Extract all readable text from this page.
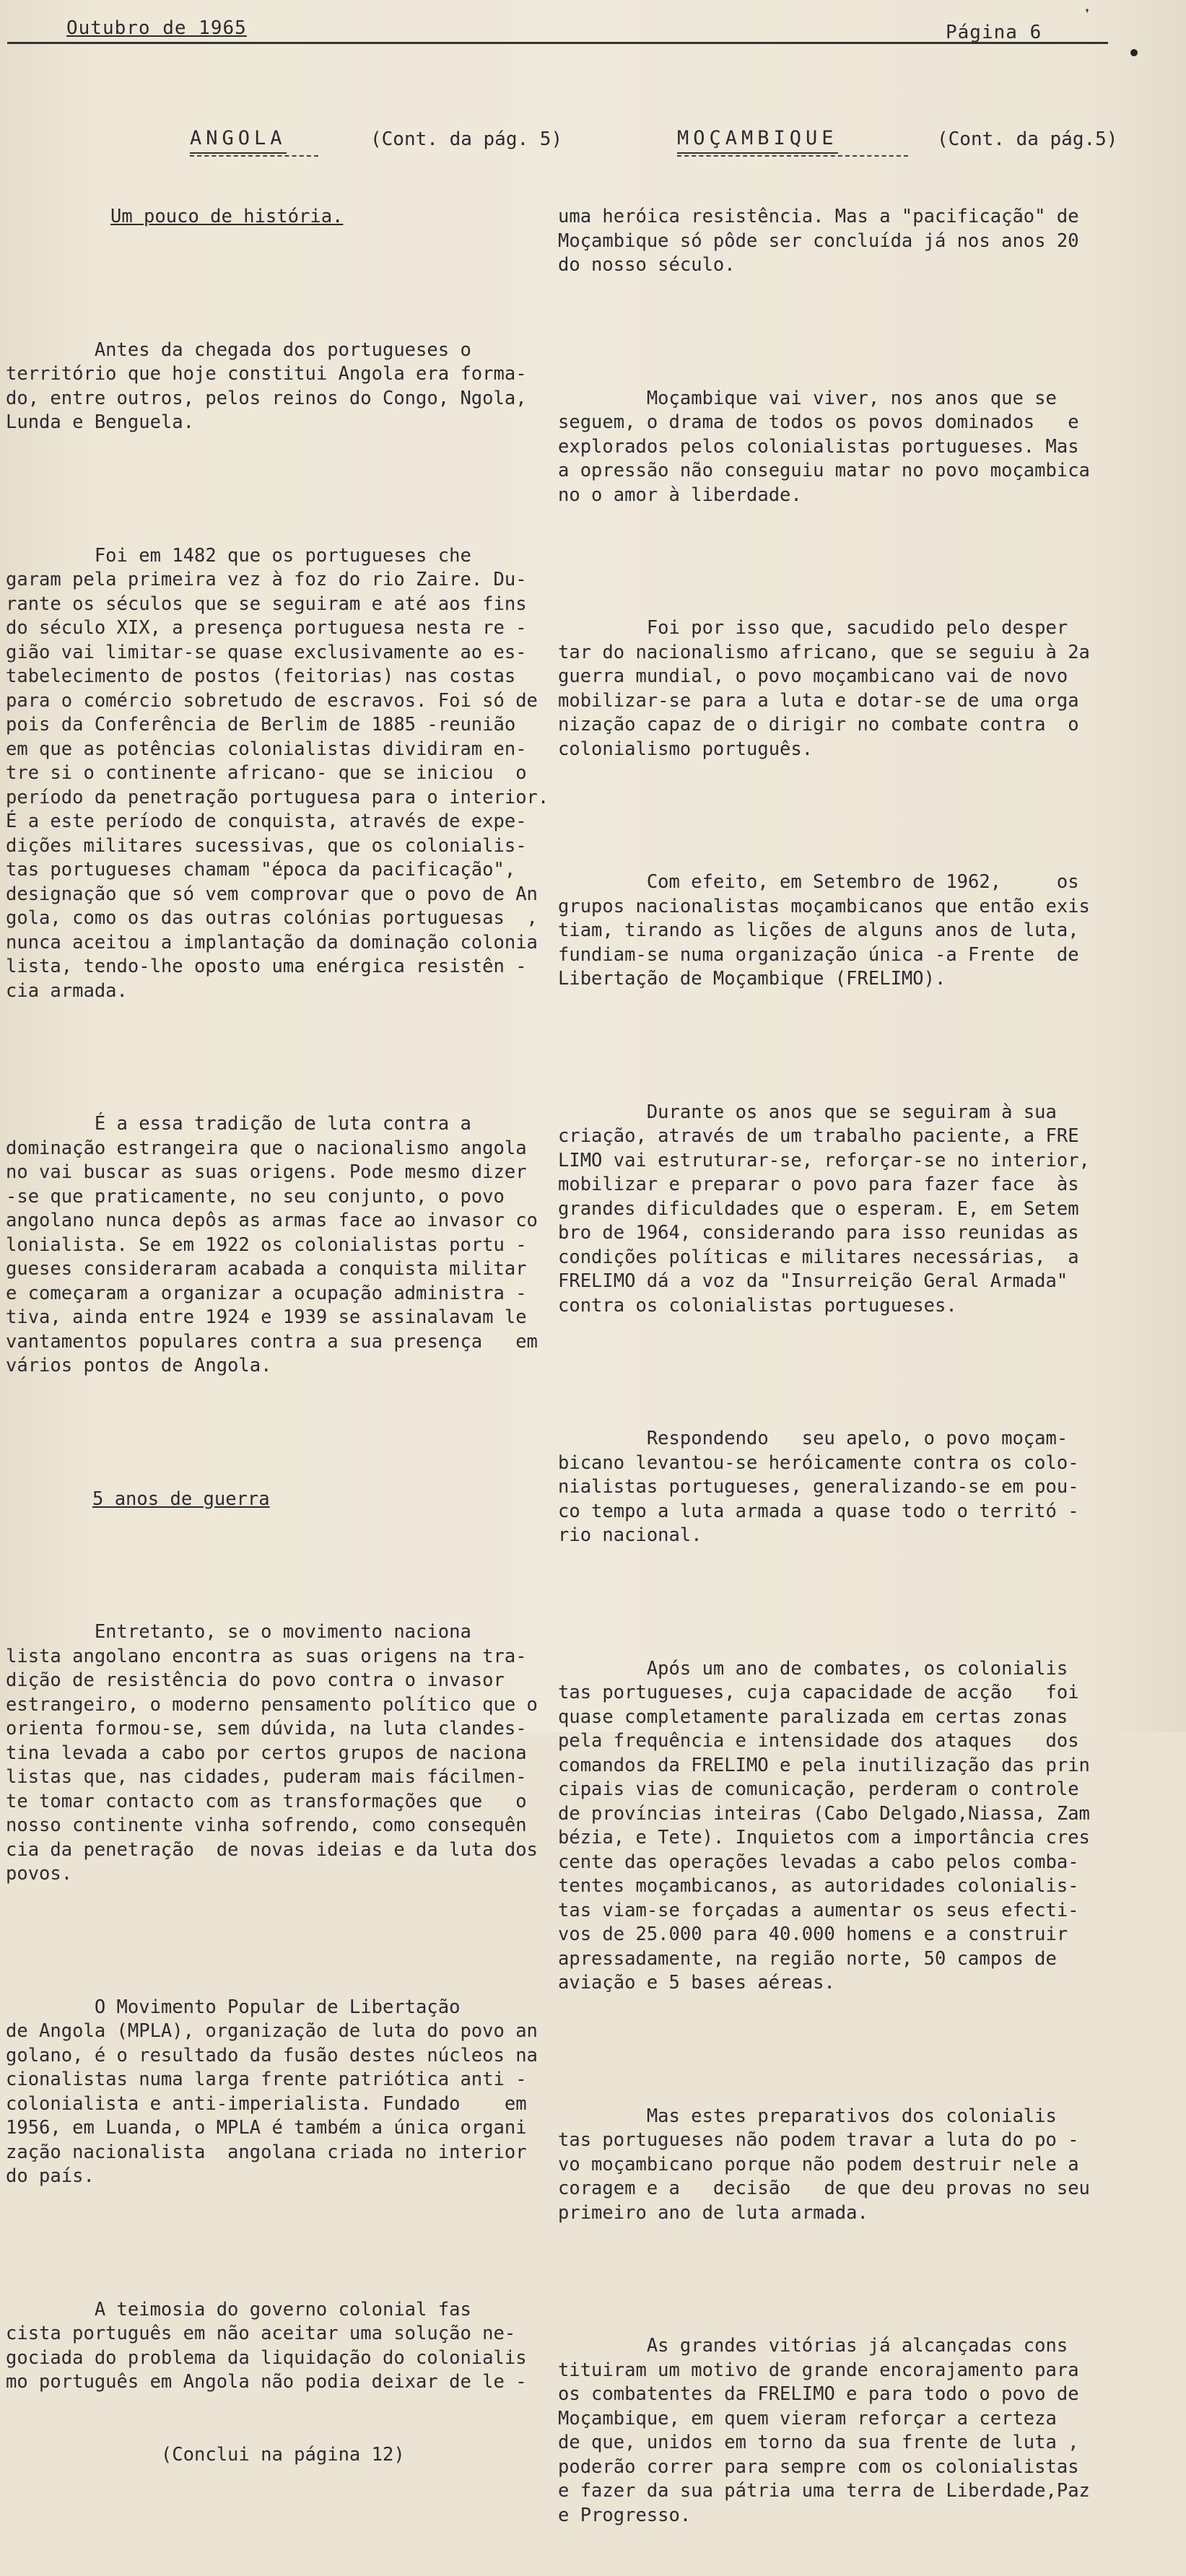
❜
Outubro de 1965	Página 6

ANGOLA

	(Cont. da pág. 5)

Um pouco de história.

Antes da chegada dos portugueses o
território que hoje constitui Angola era forma-
do, entre outros, pelos reinos do Congo, Ngola,
Lunda e Benguela.

Foi em 1482 que os portugueses che
garam pela primeira vez à foz do rio Zaire. Du-
rante os séculos que se seguiram e até aos fins
do século XIX, a presença portuguesa nesta re -
gião vai limitar-se quase exclusivamente ao es-
tabelecimento de postos (feitorias) nas costas
para o comércio sobretudo de escravos. Foi só de
pois da Conferência de Berlim de 1885 -reunião
em que as potências colonialistas dividiram en-
tre si o continente africano- que se iniciou  o
período da penetração portuguesa para o interior.
É a este período de conquista, através de expe-
dições militares sucessivas, que os colonialis-
tas portugueses chamam "época da pacificação",
designação que só vem comprovar que o povo de An
gola, como os das outras colónias portuguesas  ,
nunca aceitou a implantação da dominação colonia
lista, tendo-lhe oposto uma enérgica resistên -
cia armada.

É a essa tradição de luta contra a
dominação estrangeira que o nacionalismo angola
no vai buscar as suas origens. Pode mesmo dizer
-se que praticamente, no seu conjunto, o povo
angolano nunca depôs as armas face ao invasor co
lonialista. Se em 1922 os colonialistas portu -
gueses consideraram acabada a conquista militar
e começaram a organizar a ocupação administra -
tiva, ainda entre 1924 e 1939 se assinalavam le
vantamentos populares contra a sua presença   em
vários pontos de Angola.

5 anos de guerra

Entretanto, se o movimento naciona
lista angolano encontra as suas origens na tra-
dição de resistência do povo contra o invasor
estrangeiro, o moderno pensamento político que o
orienta formou-se, sem dúvida, na luta clandes-
tina levada a cabo por certos grupos de naciona
listas que, nas cidades, puderam mais fácilmen-
te tomar contacto com as transformações que   o
nosso continente vinha sofrendo, como consequên
cia da penetração  de novas ideias e da luta dos
povos.

O Movimento Popular de Libertação
de Angola (MPLA), organização de luta do povo an
golano, é o resultado da fusão destes núcleos na
cionalistas numa larga frente patriótica anti -
colonialista e anti-imperialista. Fundado    em
1956, em Luanda, o MPLA é também a única organi
zação nacionalista  angolana criada no interior
do país.

A teimosia do governo colonial fas
cista português em não aceitar uma solução ne-
gociada do problema da liquidação do colonialis
mo português em Angola não podia deixar de le -

(Conclui na página 12)

MOÇAMBIQUE

	(Cont. da pág.5)

uma heróica resistência. Mas a "pacificação" de
Moçambique só pôde ser concluída já nos anos 20
do nosso século.

Moçambique vai viver, nos anos que se
seguem, o drama de todos os povos dominados   e
explorados pelos colonialistas portugueses. Mas
a opressão não conseguiu matar no povo moçambica
no o amor à liberdade.

Foi por isso que, sacudido pelo desper
tar do nacionalismo africano, que se seguiu à 2a
guerra mundial, o povo moçambicano vai de novo
mobilizar-se para a luta e dotar-se de uma orga
nização capaz de o dirigir no combate contra  o
colonialismo português.

Com efeito, em Setembro de 1962,     os
grupos nacionalistas moçambicanos que então exis
tiam, tirando as lições de alguns anos de luta,
fundiam-se numa organização única -a Frente  de
Libertação de Moçambique (FRELIMO).

Durante os anos que se seguiram à sua
criação, através de um trabalho paciente, a FRE
LIMO vai estruturar-se, reforçar-se no interior,
mobilizar e preparar o povo para fazer face  às
grandes dificuldades que o esperam. E, em Setem
bro de 1964, considerando para isso reunidas as
condições políticas e militares necessárias,  a
FRELIMO dá a voz da "Insurreição Geral Armada"
contra os colonialistas portugueses.

Respondendo   seu apelo, o povo moçam-
bicano levantou-se heróicamente contra os colo-
nialistas portugueses, generalizando-se em pou-
co tempo a luta armada a quase todo o territó -
rio nacional.

Após um ano de combates, os colonialis
tas portugueses, cuja capacidade de acção   foi
quase completamente paralizada em certas zonas
pela frequência e intensidade dos ataques   dos
comandos da FRELIMO e pela inutilização das prin
cipais vias de comunicação, perderam o controle
de províncias inteiras (Cabo Delgado,Niassa, Zam
bézia, e Tete). Inquietos com a importância cres
cente das operações levadas a cabo pelos comba-
tentes moçambicanos, as autoridades colonialis-
tas viam-se forçadas a aumentar os seus efecti-
vos de 25.000 para 40.000 homens e a construir
apressadamente, na região norte, 50 campos de
aviação e 5 bases aéreas.

Mas estes preparativos dos colonialis
tas portugueses não podem travar a luta do po -
vo moçambicano porque não podem destruir nele a
coragem e a   decisão   de que deu provas no seu
primeiro ano de luta armada.

As grandes vitórias já alcançadas cons
tituiram um motivo de grande encorajamento para
os combatentes da FRELIMO e para todo o povo de
Moçambique, em quem vieram reforçar a certeza
de que, unidos em torno da sua frente de luta ,
poderão correr para sempre com os colonialistas
e fazer da sua pátria uma terra de Liberdade,Paz
e Progresso.
